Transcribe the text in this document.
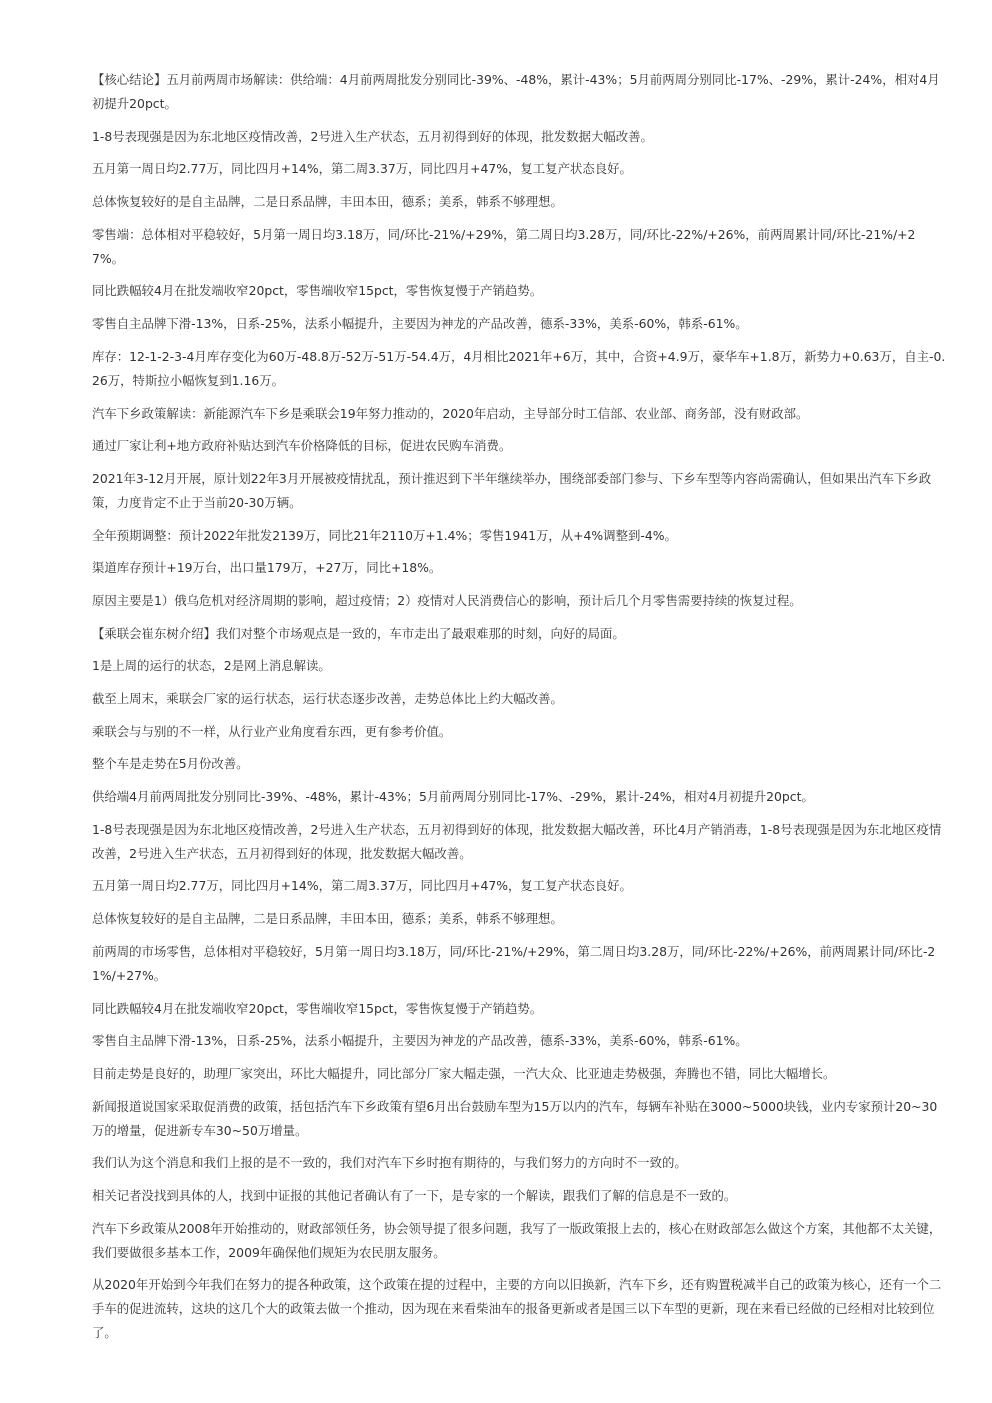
【核心结论】五月前两周市场解读：供给端：4月前两周批发分别同比-39%、-48%，累计-43%；5月前两周分别同比-17%、-29%，累计-24%，相对4月初提升20pct。

1-8号表现强是因为东北地区疫情改善，2号进入生产状态，五月初得到好的体现，批发数据大幅改善。

五月第一周日均2.77万，同比四月+14%，第二周3.37万，同比四月+47%，复工复产状态良好。

总体恢复较好的是自主品牌，二是日系品牌，丰田本田，德系；美系，韩系不够理想。

零售端：总体相对平稳较好，5月第一周日均3.18万，同/环比-21%/+29%，第二周日均3.28万，同/环比-22%/+26%，前两周累计同/环比-21%/+27%。

同比跌幅较4月在批发端收窄20pct，零售端收窄15pct，零售恢复慢于产销趋势。

零售自主品牌下滑-13%，日系-25%，法系小幅提升，主要因为神龙的产品改善，德系-33%，美系-60%，韩系-61%。

库存：12-1-2-3-4月库存变化为60万-48.8万-52万-51万-54.4万，4月相比2021年+6万，其中，合资+4.9万，豪华车+1.8万，新势力+0.63万，自主-0.26万，特斯拉小幅恢复到1.16万。

汽车下乡政策解读：新能源汽车下乡是乘联会19年努力推动的，2020年启动，主导部分时工信部、农业部、商务部，没有财政部。

通过厂家让利+地方政府补贴达到汽车价格降低的目标，促进农民购车消费。

2021年3-12月开展，原计划22年3月开展被疫情扰乱，预计推迟到下半年继续举办，围绕部委部门参与、下乡车型等内容尚需确认，但如果出汽车下乡政策，力度肯定不止于当前20-30万辆。

全年预期调整：预计2022年批发2139万，同比21年2110万+1.4%；零售1941万，从+4%调整到-4%。

渠道库存预计+19万台，出口量179万，+27万，同比+18%。

原因主要是1）俄乌危机对经济周期的影响，超过疫情；2）疫情对人民消费信心的影响，预计后几个月零售需要持续的恢复过程。

【乘联会崔东树介绍】我们对整个市场观点是一致的，车市走出了最艰难那的时刻，向好的局面。

1是上周的运行的状态，2是网上消息解读。

截至上周末，乘联会厂家的运行状态，运行状态逐步改善，走势总体比上约大幅改善。

乘联会与与别的不一样，从行业产业角度看东西，更有参考价值。

整个车是走势在5月份改善。

供给端4月前两周批发分别同比-39%、-48%，累计-43%；5月前两周分别同比-17%、-29%，累计-24%，相对4月初提升20pct。

1-8号表现强是因为东北地区疫情改善，2号进入生产状态，五月初得到好的体现，批发数据大幅改善，环比4月产销消毒，1-8号表现强是因为东北地区疫情改善，2号进入生产状态，五月初得到好的体现，批发数据大幅改善。

五月第一周日均2.77万，同比四月+14%，第二周3.37万，同比四月+47%，复工复产状态良好。

总体恢复较好的是自主品牌，二是日系品牌，丰田本田，德系；美系，韩系不够理想。

前两周的市场零售，总体相对平稳较好，5月第一周日均3.18万，同/环比-21%/+29%，第二周日均3.28万，同/环比-22%/+26%，前两周累计同/环比-21%/+27%。

同比跌幅较4月在批发端收窄20pct，零售端收窄15pct，零售恢复慢于产销趋势。

零售自主品牌下滑-13%，日系-25%，法系小幅提升，主要因为神龙的产品改善，德系-33%，美系-60%，韩系-61%。

目前走势是良好的，助理厂家突出，环比大幅提升，同比部分厂家大幅走强，一汽大众、比亚迪走势极强，奔腾也不错，同比大幅增长。

新闻报道说国家采取促消费的政策，括包括汽车下乡政策有望6月出台鼓励车型为15万以内的汽车，每辆车补贴在3000~5000块钱，业内专家预计20~30万的增量，促进新专车30~50万增量。

我们认为这个消息和我们上报的是不一致的，我们对汽车下乡时抱有期待的，与我们努力的方向时不一致的。

相关记者没找到具体的人，找到中证报的其他记者确认有了一下，是专家的一个解读，跟我们了解的信息是不一致的。

汽车下乡政策从2008年开始推动的，财政部领任务，协会领导提了很多问题，我写了一版政策报上去的，核心在财政部怎么做这个方案，其他都不太关键，我们要做很多基本工作，2009年确保他们规矩为农民朋友服务。

从2020年开始到今年我们在努力的提各种政策，这个政策在提的过程中，主要的方向以旧换新，汽车下乡，还有购置税减半自己的政策为核心，还有一个二手车的促进流转，这块的这几个大的政策去做一个推动，因为现在来看柴油车的报备更新或者是国三以下车型的更新，现在来看已经做的已经相对比较到位了。
